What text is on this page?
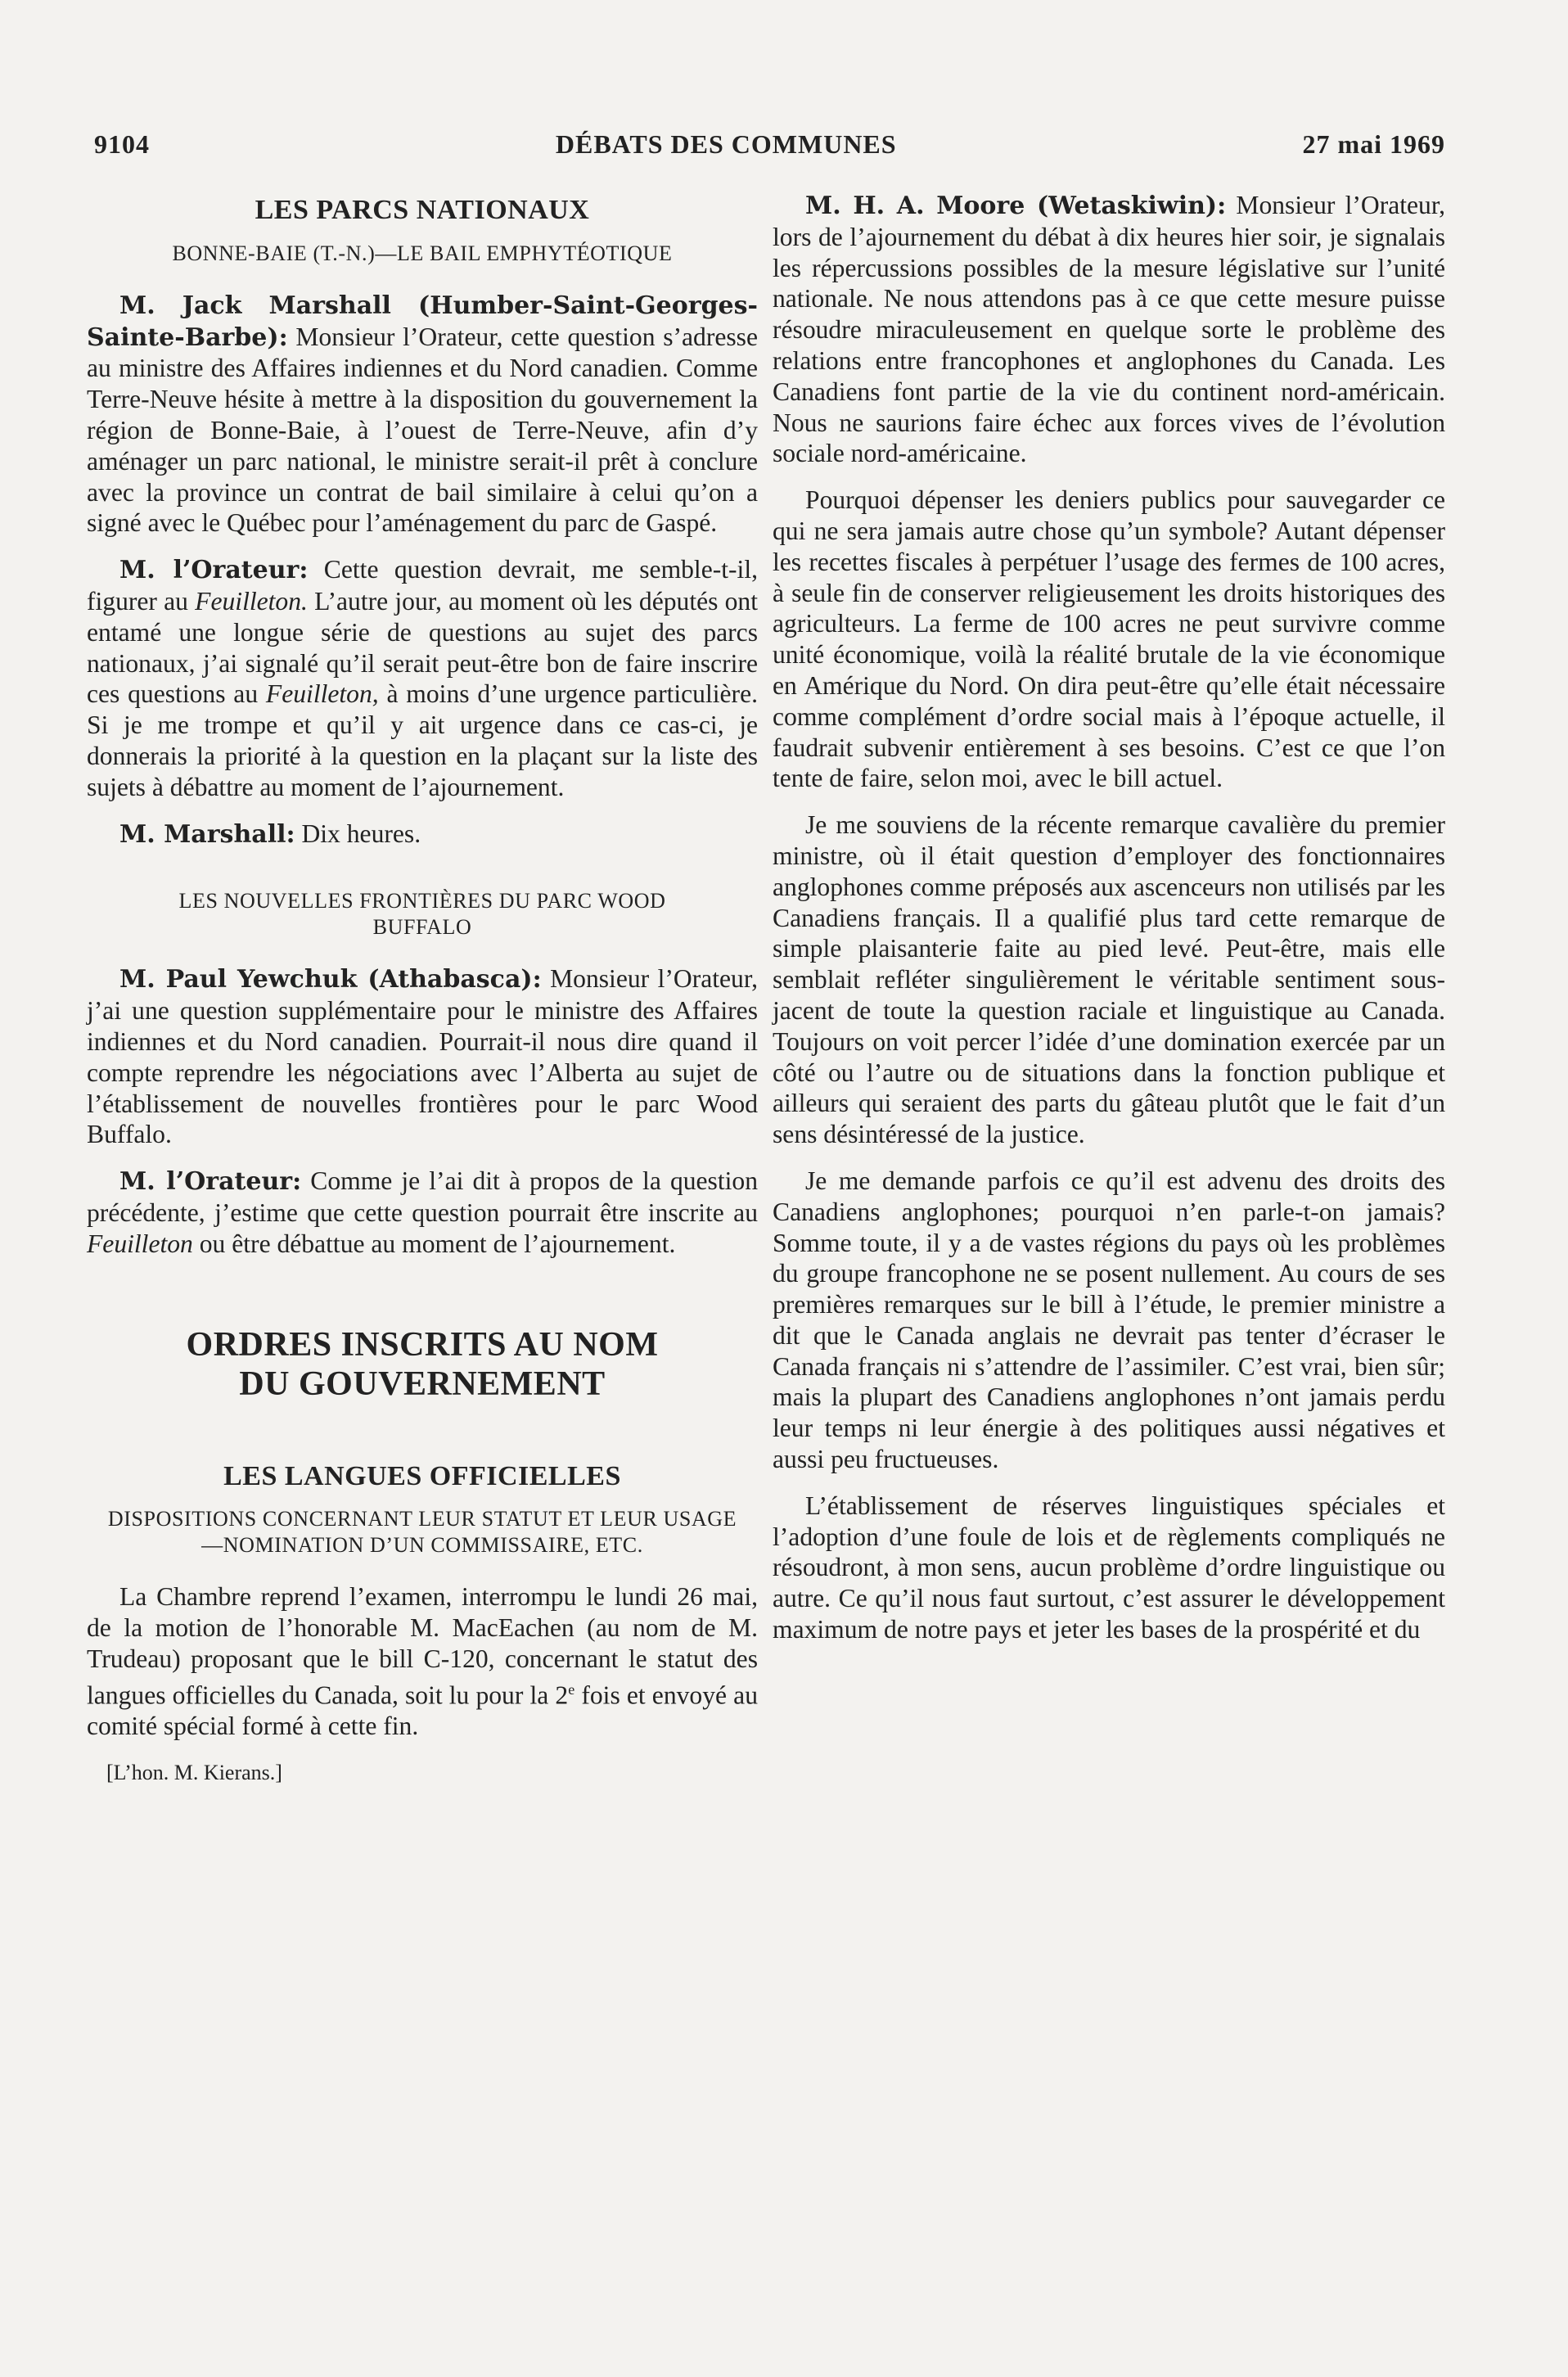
9104	DÉBATS DES COMMUNES	27 mai 1969
LES PARCS NATIONAUX
BONNE-BAIE (T.-N.)—LE BAIL EMPHYTÉOTIQUE

M. Jack Marshall (Humber-Saint-Georges-Sainte-Barbe): Monsieur l’Orateur, cette question s’adresse au ministre des Affaires indiennes et du Nord canadien. Comme Terre-Neuve hésite à mettre à la disposition du gouvernement la région de Bonne-Baie, à l’ouest de Terre-Neuve, afin d’y aménager un parc national, le ministre serait-il prêt à conclure avec la province un contrat de bail similaire à celui qu’on a signé avec le Québec pour l’aménagement du parc de Gaspé.

M. l’Orateur: Cette question devrait, me semble-t-il, figurer au Feuilleton. L’autre jour, au moment où les députés ont entamé une longue série de questions au sujet des parcs nationaux, j’ai signalé qu’il serait peut-être bon de faire inscrire ces questions au Feuilleton, à moins d’une urgence particulière. Si je me trompe et qu’il y ait urgence dans ce cas-ci, je donnerais la priorité à la question en la plaçant sur la liste des sujets à débattre au moment de l’ajournement.

M. Marshall: Dix heures.

LES NOUVELLES FRONTIÈRES DU PARC WOOD BUFFALO

M. Paul Yewchuk (Athabasca): Monsieur l’Orateur, j’ai une question supplémentaire pour le ministre des Affaires indiennes et du Nord canadien. Pourrait-il nous dire quand il compte reprendre les négociations avec l’Alberta au sujet de l’établissement de nouvelles frontières pour le parc Wood Buffalo.

M. l’Orateur: Comme je l’ai dit à propos de la question précédente, j’estime que cette question pourrait être inscrite au Feuilleton ou être débattue au moment de l’ajournement.

ORDRES INSCRITS AU NOM
DU GOUVERNEMENT
LES LANGUES OFFICIELLES
DISPOSITIONS CONCERNANT LEUR STATUT ET LEUR USAGE—NOMINATION D’UN COMMISSAIRE, ETC.

La Chambre reprend l’examen, interrompu le lundi 26 mai, de la motion de l’honorable M. MacEachen (au nom de M. Trudeau) proposant que le bill C-120, concernant le statut des langues officielles du Canada, soit lu pour la 2e fois et envoyé au comité spécial formé à cette fin.

[L’hon. M. Kierans.]

M. H. A. Moore (Wetaskiwin): Monsieur l’Orateur, lors de l’ajournement du débat à dix heures hier soir, je signalais les répercussions possibles de la mesure législative sur l’unité nationale. Ne nous attendons pas à ce que cette mesure puisse résoudre miraculeusement en quelque sorte le problème des relations entre francophones et anglophones du Canada. Les Canadiens font partie de la vie du continent nord-américain. Nous ne saurions faire échec aux forces vives de l’évolution sociale nord-américaine.

Pourquoi dépenser les deniers publics pour sauvegarder ce qui ne sera jamais autre chose qu’un symbole? Autant dépenser les recettes fiscales à perpétuer l’usage des fermes de 100 acres, à seule fin de conserver religieusement les droits historiques des agriculteurs. La ferme de 100 acres ne peut survivre comme unité économique, voilà la réalité brutale de la vie économique en Amérique du Nord. On dira peut-être qu’elle était nécessaire comme complément d’ordre social mais à l’époque actuelle, il faudrait subvenir entièrement à ses besoins. C’est ce que l’on tente de faire, selon moi, avec le bill actuel.

Je me souviens de la récente remarque cavalière du premier ministre, où il était question d’employer des fonctionnaires anglophones comme préposés aux ascenceurs non utilisés par les Canadiens français. Il a qualifié plus tard cette remarque de simple plaisanterie faite au pied levé. Peut-être, mais elle semblait refléter singulièrement le véritable sentiment sous-jacent de toute la question raciale et linguistique au Canada. Toujours on voit percer l’idée d’une domination exercée par un côté ou l’autre ou de situations dans la fonction publique et ailleurs qui seraient des parts du gâteau plutôt que le fait d’un sens désintéressé de la justice.

Je me demande parfois ce qu’il est advenu des droits des Canadiens anglophones; pourquoi n’en parle-t-on jamais? Somme toute, il y a de vastes régions du pays où les problèmes du groupe francophone ne se posent nullement. Au cours de ses premières remarques sur le bill à l’étude, le premier ministre a dit que le Canada anglais ne devrait pas tenter d’écraser le Canada français ni s’attendre de l’assimiler. C’est vrai, bien sûr; mais la plupart des Canadiens anglophones n’ont jamais perdu leur temps ni leur énergie à des politiques aussi négatives et aussi peu fructueuses.

L’établissement de réserves linguistiques spéciales et l’adoption d’une foule de lois et de règlements compliqués ne résoudront, à mon sens, aucun problème d’ordre linguistique ou autre. Ce qu’il nous faut surtout, c’est assurer le développement maximum de notre pays et jeter les bases de la prospérité et du
